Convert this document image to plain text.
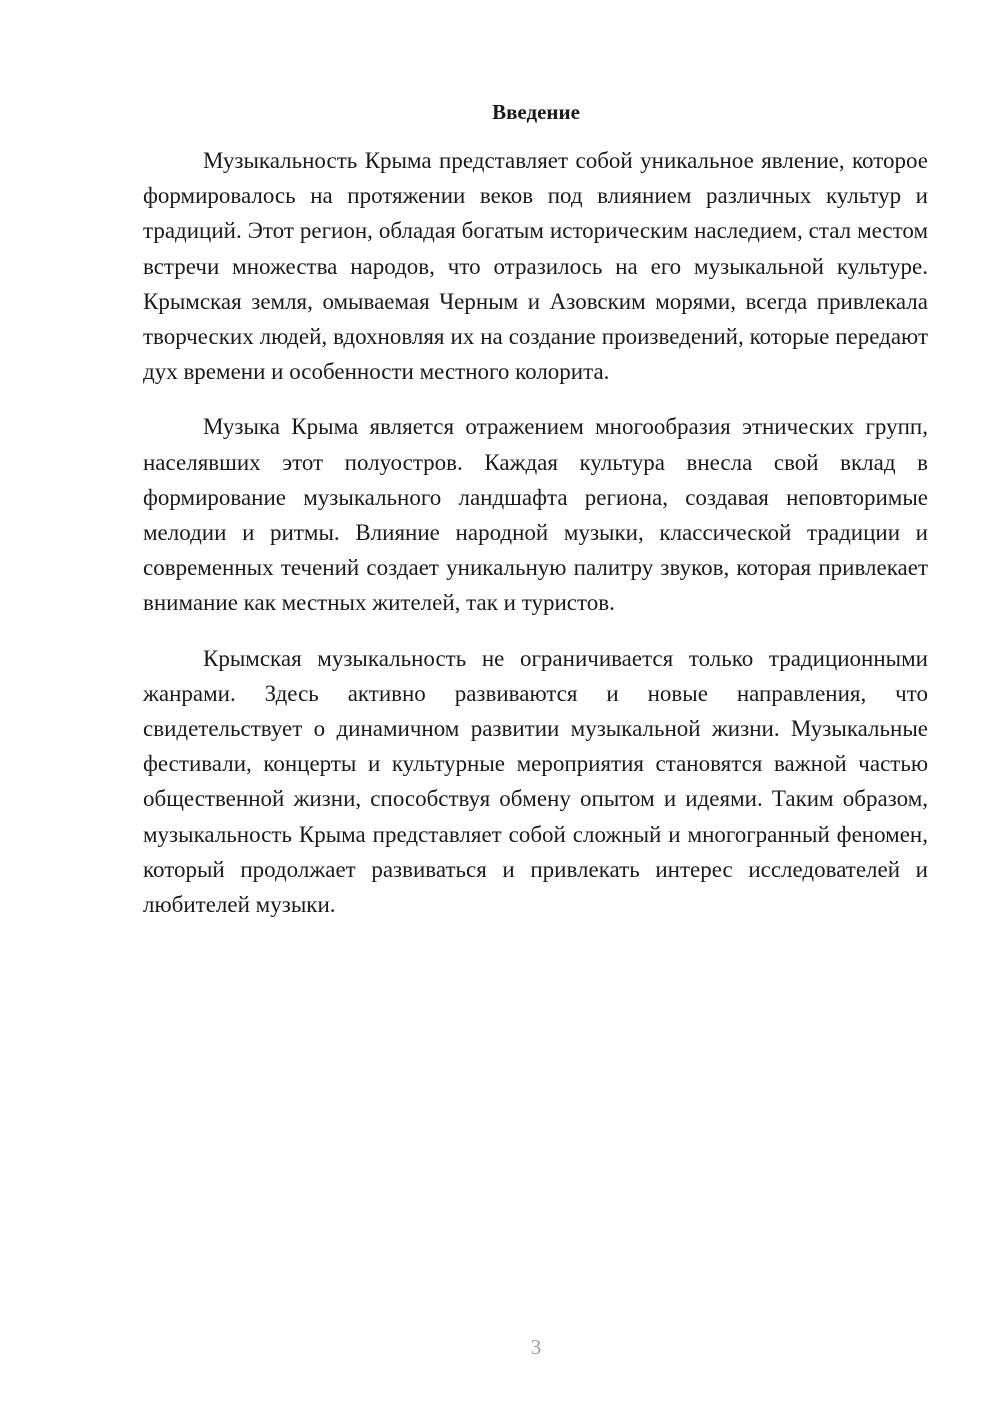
Введение

Музыкальность Крыма представляет собой уникальное явление, которое формировалось на протяжении веков под влиянием различных культур и традиций. Этот регион, обладая богатым историческим наследием, стал местом встречи множества народов, что отразилось на его музыкальной культуре. Крымская земля, омываемая Черным и Азовским морями, всегда привлекала творческих людей, вдохновляя их на создание произведений, которые передают дух времени и особенности местного колорита.

Музыка Крыма является отражением многообразия этнических групп, населявших этот полуостров. Каждая культура внесла свой вклад в формирование музыкального ландшафта региона, создавая неповторимые мелодии и ритмы. Влияние народной музыки, классической традиции и современных течений создает уникальную палитру звуков, которая привлекает внимание как местных жителей, так и туристов.

Крымская музыкальность не ограничивается только традиционными жанрами. Здесь активно развиваются и новые направления, что свидетельствует о динамичном развитии музыкальной жизни. Музыкальные фестивали, концерты и культурные мероприятия становятся важной частью общественной жизни, способствуя обмену опытом и идеями. Таким образом, музыкальность Крыма представляет собой сложный и многогранный феномен, который продолжает развиваться и привлекать интерес исследователей и любителей музыки.

3
